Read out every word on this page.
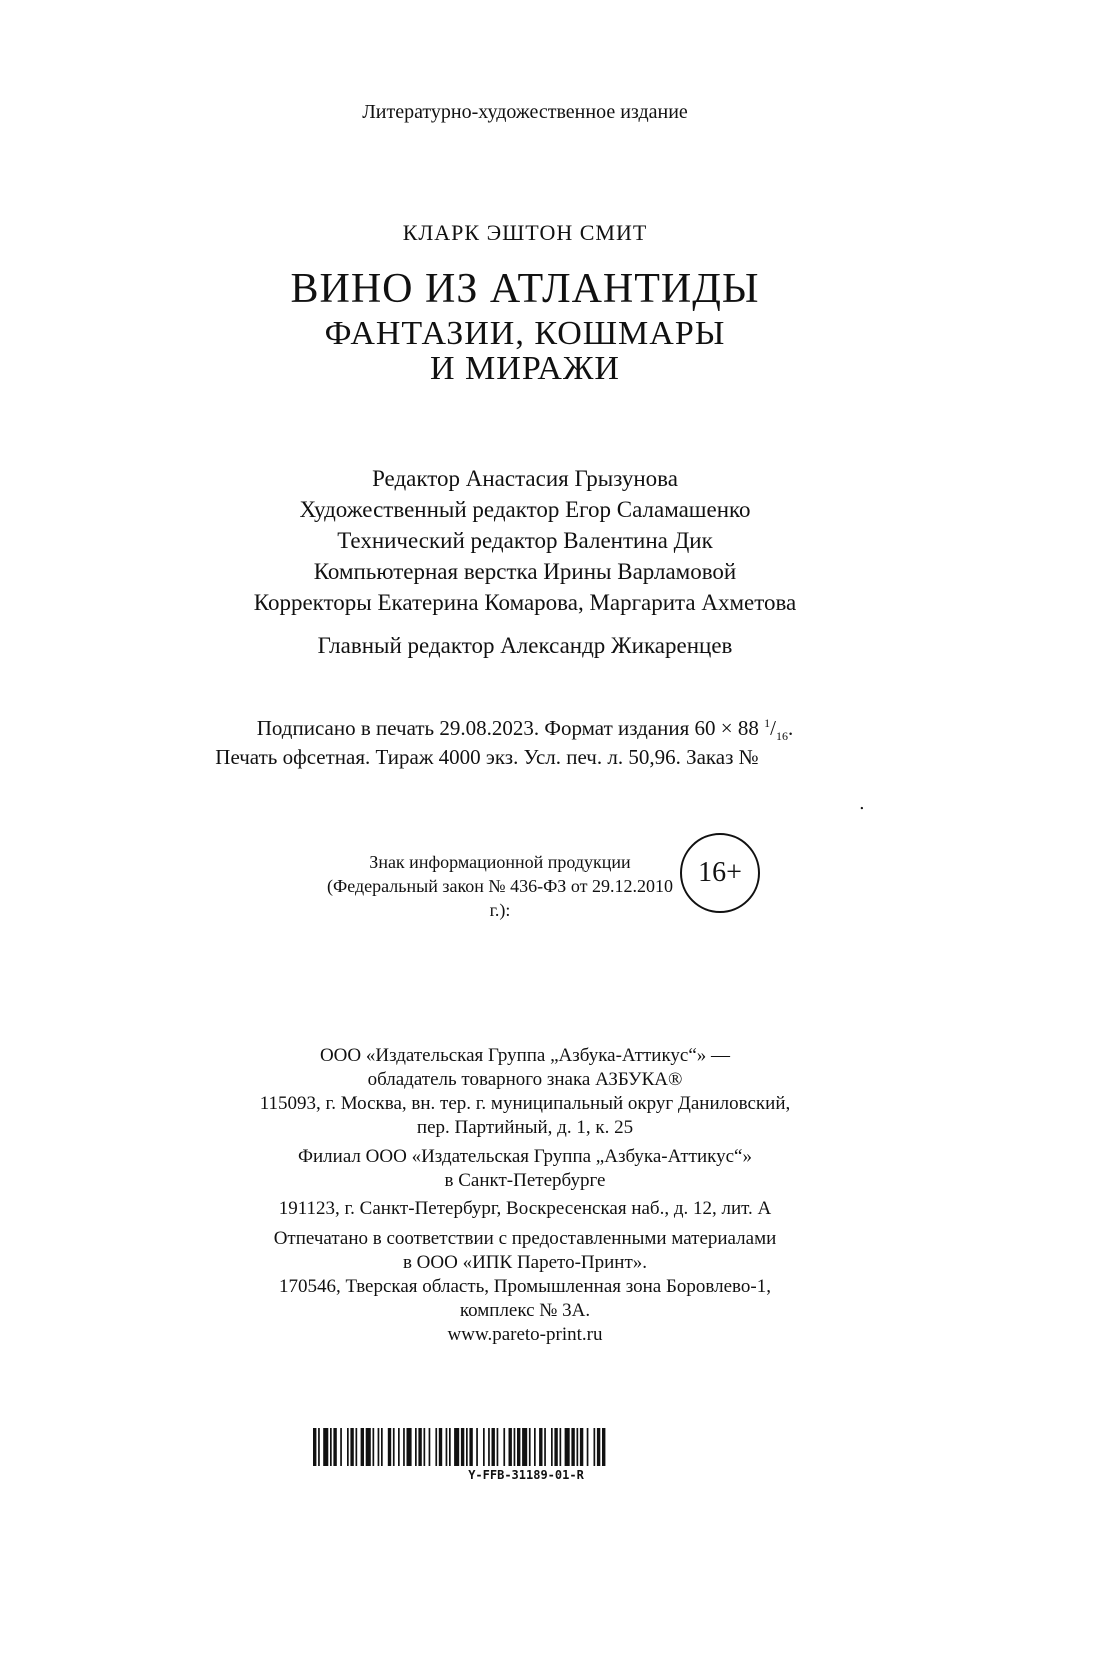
Литературно-художественное издание
КЛАРК ЭШТОН СМИТ
ВИНО ИЗ АТЛАНТИДЫ
ФАНТАЗИИ, КОШМАРЫ
И МИРАЖИ
Редактор Анастасия Грызунова
Художественный редактор Егор Саламашенко
Технический редактор Валентина Дик
Компьютерная верстка Ирины Варламовой
Корректоры Екатерина Комарова, Маргарита Ахметова
Главный редактор Александр Жикаренцев
Подписано в печать 29.08.2023. Формат издания 60 × 88 $^1/_{16}$.
Печать офсетная. Тираж 4000 экз. Усл. печ. л. 50,96. Заказ №
.
Знак информационной продукции
(Федеральный закон № 436-ФЗ от 29.12.2010 г.):
16+
ООО «Издательская Группа „Азбука-Аттикус“» —
обладатель товарного знака АЗБУКА®
115093, г. Москва, вн. тер. г. муниципальный округ Даниловский,
пер. Партийный, д. 1, к. 25
Филиал ООО «Издательская Группа „Азбука-Аттикус“»
в Санкт-Петербурге
191123, г. Санкт-Петербург, Воскресенская наб., д. 12, лит. А
Отпечатано в соответствии с предоставленными материалами
в ООО «ИПК Парето-Принт».
170546, Тверская область, Промышленная зона Боровлево-1,
комплекс № 3А.
www.pareto-print.ru
Y-FFB-31189-01-R
